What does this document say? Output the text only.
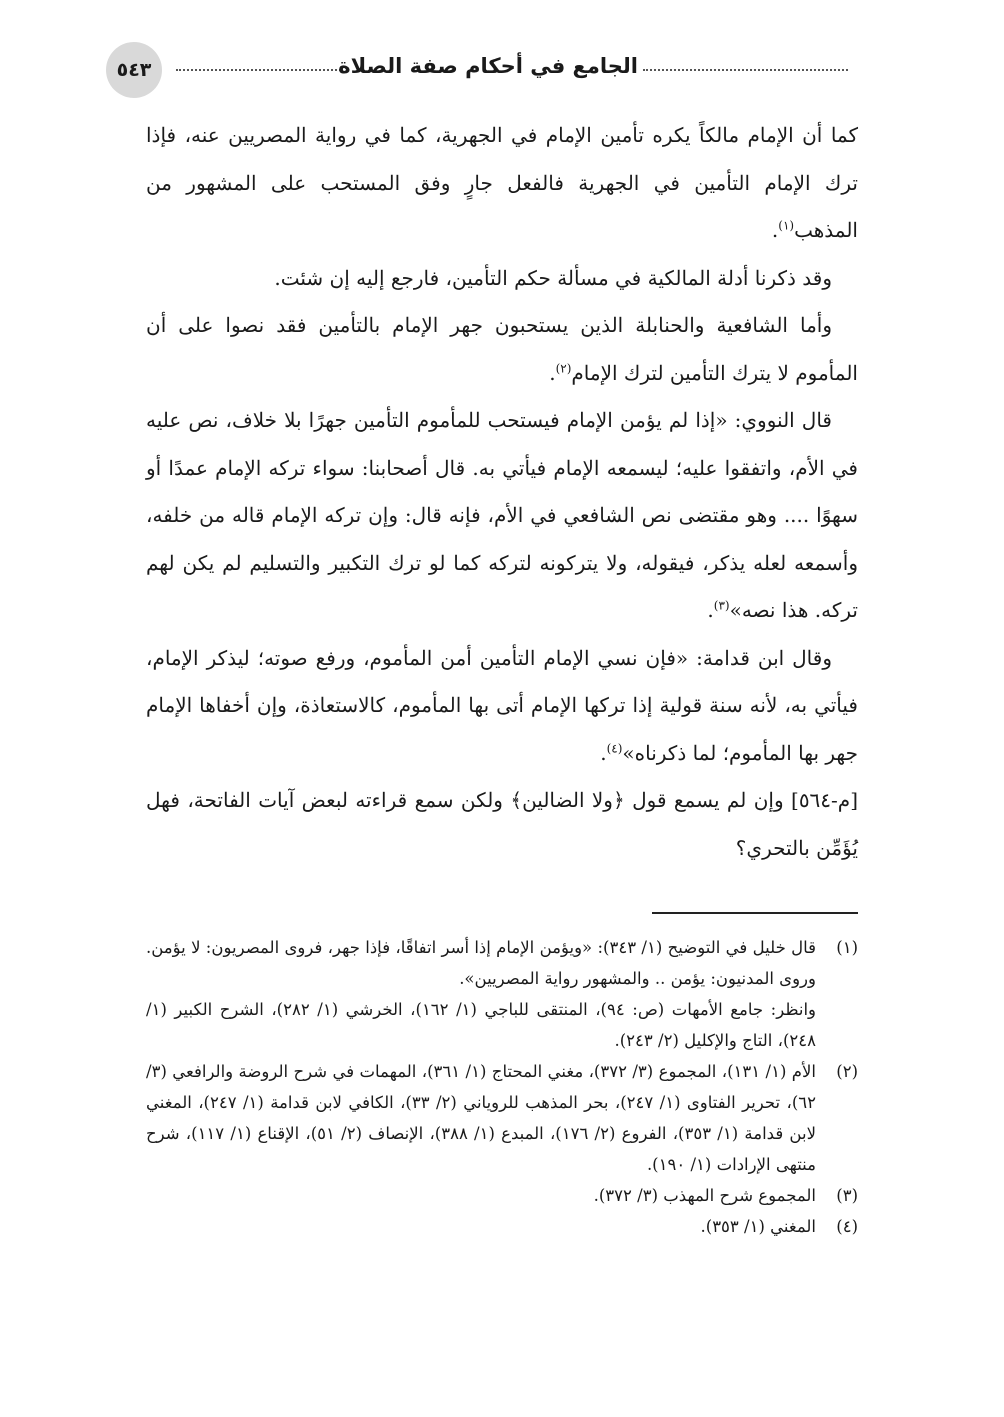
٥٤٣	الجامع في أحكام صفة الصلاة

كما أن الإمام مالكاً يكره تأمين الإمام في الجهرية، كما في رواية المصريين عنه، فإذا ترك الإمام التأمين في الجهرية فالفعل جارٍ وفق المستحب على المشهور من المذهب$^{(١)}$.

وقد ذكرنا أدلة المالكية في مسألة حكم التأمين، فارجع إليه إن شئت.

وأما الشافعية والحنابلة الذين يستحبون جهر الإمام بالتأمين فقد نصوا على أن المأموم لا يترك التأمين لترك الإمام$^{(٢)}$.

قال النووي: «إذا لم يؤمن الإمام فيستحب للمأموم التأمين جهرًا بلا خلاف، نص عليه في الأم، واتفقوا عليه؛ ليسمعه الإمام فيأتي به. قال أصحابنا: سواء تركه الإمام عمدًا أو سهوًا .... وهو مقتضى نص الشافعي في الأم، فإنه قال: وإن تركه الإمام قاله من خلفه، وأسمعه لعله يذكر، فيقوله، ولا يتركونه لتركه كما لو ترك التكبير والتسليم لم يكن لهم تركه. هذا نصه»$^{(٣)}$.

وقال ابن قدامة: «فإن نسي الإمام التأمين أمن المأموم، ورفع صوته؛ ليذكر الإمام، فيأتي به، لأنه سنة قولية إذا تركها الإمام أتى بها المأموم، كالاستعاذة، وإن أخفاها الإمام جهر بها المأموم؛ لما ذكرناه»$^{(٤)}$.

[م-٥٦٤] وإن لم يسمع قول ﴿ولا الضالين﴾ ولكن سمع قراءته لبعض آيات الفاتحة، فهل يُؤَمِّن بالتحري؟

(١)
قال خليل في التوضيح (١/ ٣٤٣): «ويؤمن الإمام إذا أسر اتفاقًا، فإذا جهر، فروى المصريون: لا يؤمن. وروى المدنيون: يؤمن .. والمشهور رواية المصريين».
وانظر: جامع الأمهات (ص: ٩٤)، المنتقى للباجي (١/ ١٦٢)، الخرشي (١/ ٢٨٢)، الشرح الكبير (١/ ٢٤٨)، التاج والإكليل (٢/ ٢٤٣).
(٢)
الأم (١/ ١٣١)، المجموع (٣/ ٣٧٢)، مغني المحتاج (١/ ٣٦١)، المهمات في شرح الروضة والرافعي (٣/ ٦٢)، تحرير الفتاوى (١/ ٢٤٧)، بحر المذهب للروياني (٢/ ٣٣)، الكافي لابن قدامة (١/ ٢٤٧)، المغني لابن قدامة (١/ ٣٥٣)، الفروع (٢/ ١٧٦)، المبدع (١/ ٣٨٨)، الإنصاف (٢/ ٥١)، الإقناع (١/ ١١٧)، شرح منتهى الإرادات (١/ ١٩٠).
(٣)
المجموع شرح المهذب (٣/ ٣٧٢).
(٤)
المغني (١/ ٣٥٣).
